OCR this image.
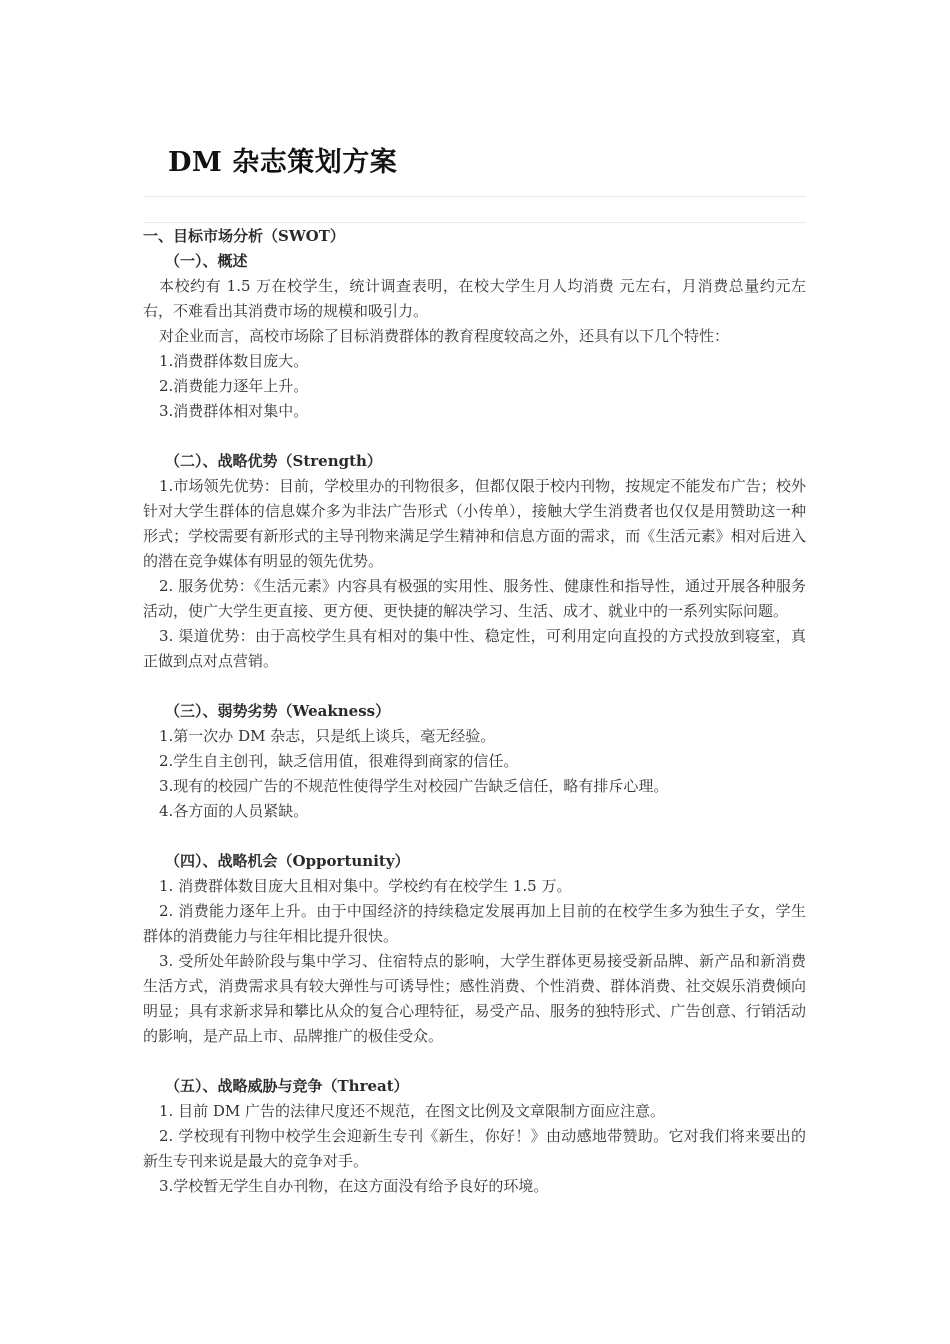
DM 杂志策划方案

一、目标市场分析（SWOT）

（一）、概述

本校约有 1.5 万在校学生，统计调查表明，在校大学生月人均消费 元左右，月消费总量约元左右，不难看出其消费市场的规模和吸引力。

对企业而言，高校市场除了目标消费群体的教育程度较高之外，还具有以下几个特性：

1.消费群体数目庞大。

2.消费能力逐年上升。

3.消费群体相对集中。

（二）、战略优势（Strength）

1.市场领先优势：目前，学校里办的刊物很多，但都仅限于校内刊物，按规定不能发布广告；校外针对大学生群体的信息媒介多为非法广告形式（小传单），接触大学生消费者也仅仅是用赞助这一种形式；学校需要有新形式的主导刊物来满足学生精神和信息方面的需求，而《生活元素》相对后进入的潜在竞争媒体有明显的领先优势。

2. 服务优势：《生活元素》内容具有极强的实用性、服务性、健康性和指导性，通过开展各种服务活动，使广大学生更直接、更方便、更快捷的解决学习、生活、成才、就业中的一系列实际问题。

3. 渠道优势：由于高校学生具有相对的集中性、稳定性，可利用定向直投的方式投放到寝室，真正做到点对点营销。

（三）、弱势劣势（Weakness）

1.第一次办 DM 杂志，只是纸上谈兵，毫无经验。

2.学生自主创刊，缺乏信用值，很难得到商家的信任。

3.现有的校园广告的不规范性使得学生对校园广告缺乏信任，略有排斥心理。

4.各方面的人员紧缺。

（四）、战略机会（Opportunity）

1. 消费群体数目庞大且相对集中。学校约有在校学生 1.5 万。

2. 消费能力逐年上升。由于中国经济的持续稳定发展再加上目前的在校学生多为独生子女，学生群体的消费能力与往年相比提升很快。

3. 受所处年龄阶段与集中学习、住宿特点的影响，大学生群体更易接受新品牌、新产品和新消费生活方式，消费需求具有较大弹性与可诱导性；感性消费、个性消费、群体消费、社交娱乐消费倾向明显；具有求新求异和攀比从众的复合心理特征，易受产品、服务的独特形式、广告创意、行销活动的影响，是产品上市、品牌推广的极佳受众。

（五）、战略威胁与竞争（Threat）

1. 目前 DM 广告的法律尺度还不规范，在图文比例及文章限制方面应注意。

2. 学校现有刊物中校学生会迎新生专刊《新生，你好！》由动感地带赞助。它对我们将来要出的新生专刊来说是最大的竞争对手。

3.学校暂无学生自办刊物，在这方面没有给予良好的环境。
